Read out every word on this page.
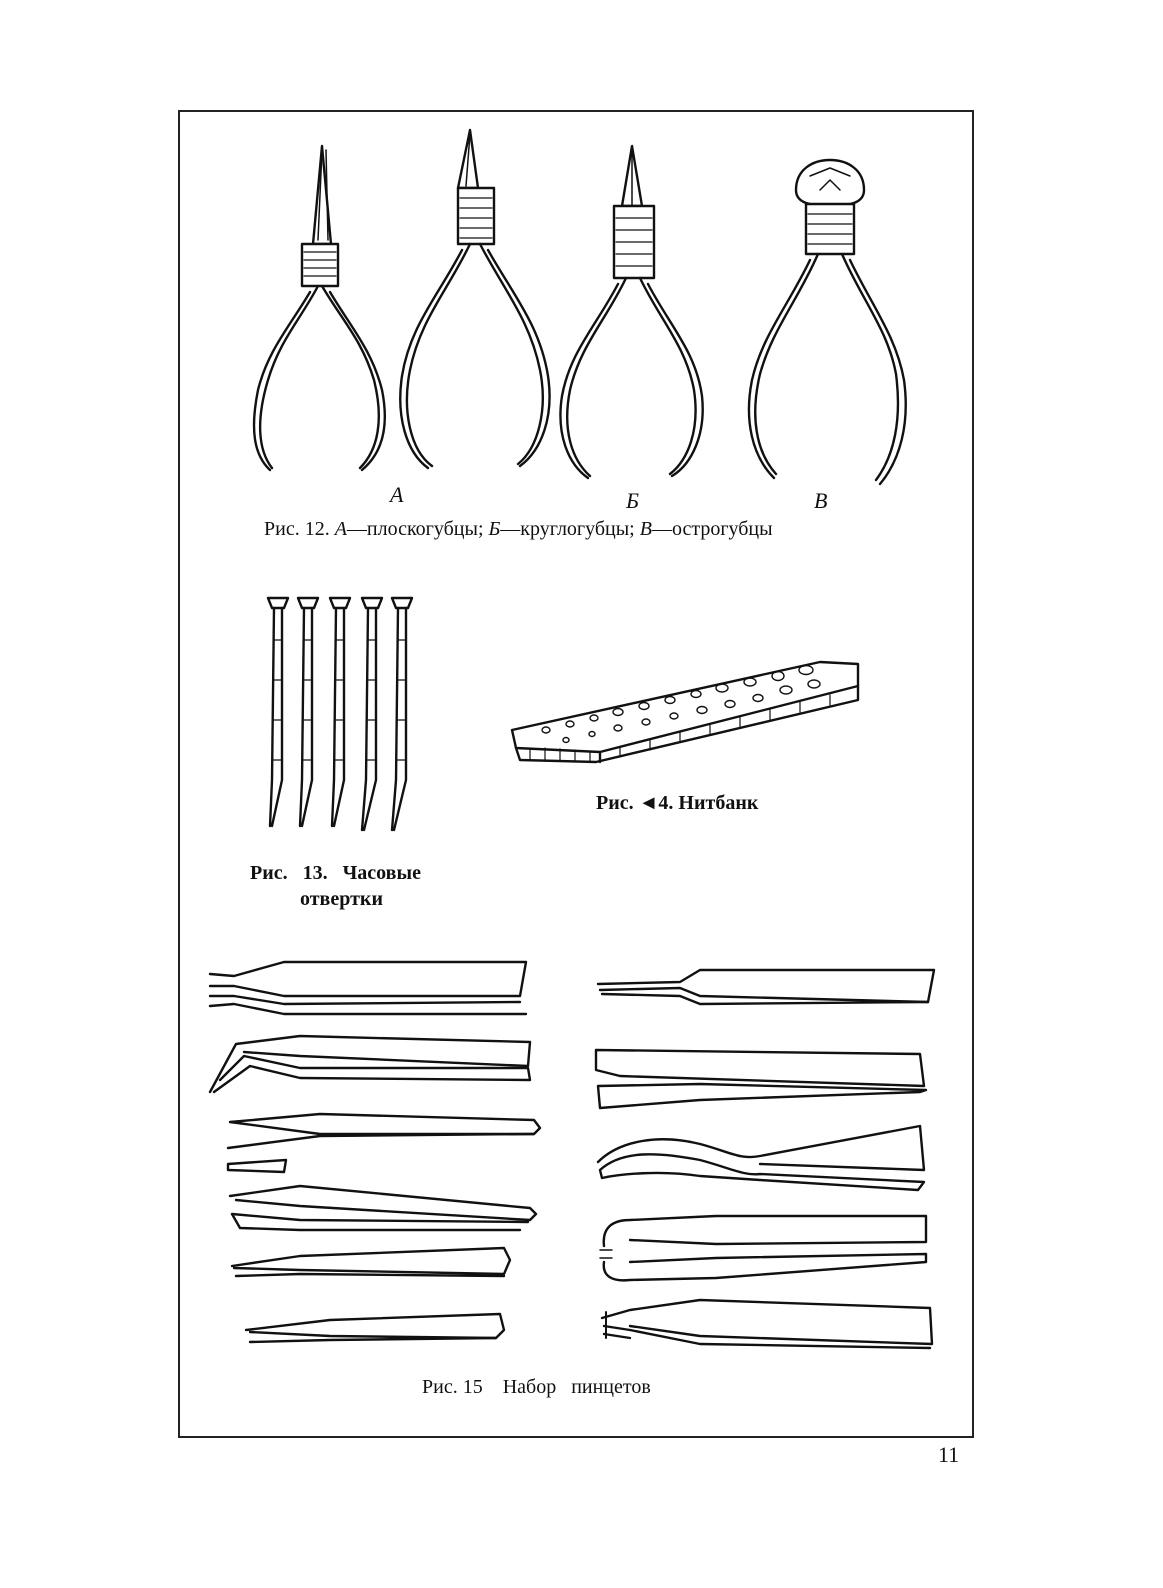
А	Б	В
Рис. 12. А—плоскогубцы; Б—круглогубцы; В—острогубцы
Рис.   13.   Часовые
отвертки
Рис. ◄4. Нитбанк
Рис. 15    Набор   пинцетов
11
